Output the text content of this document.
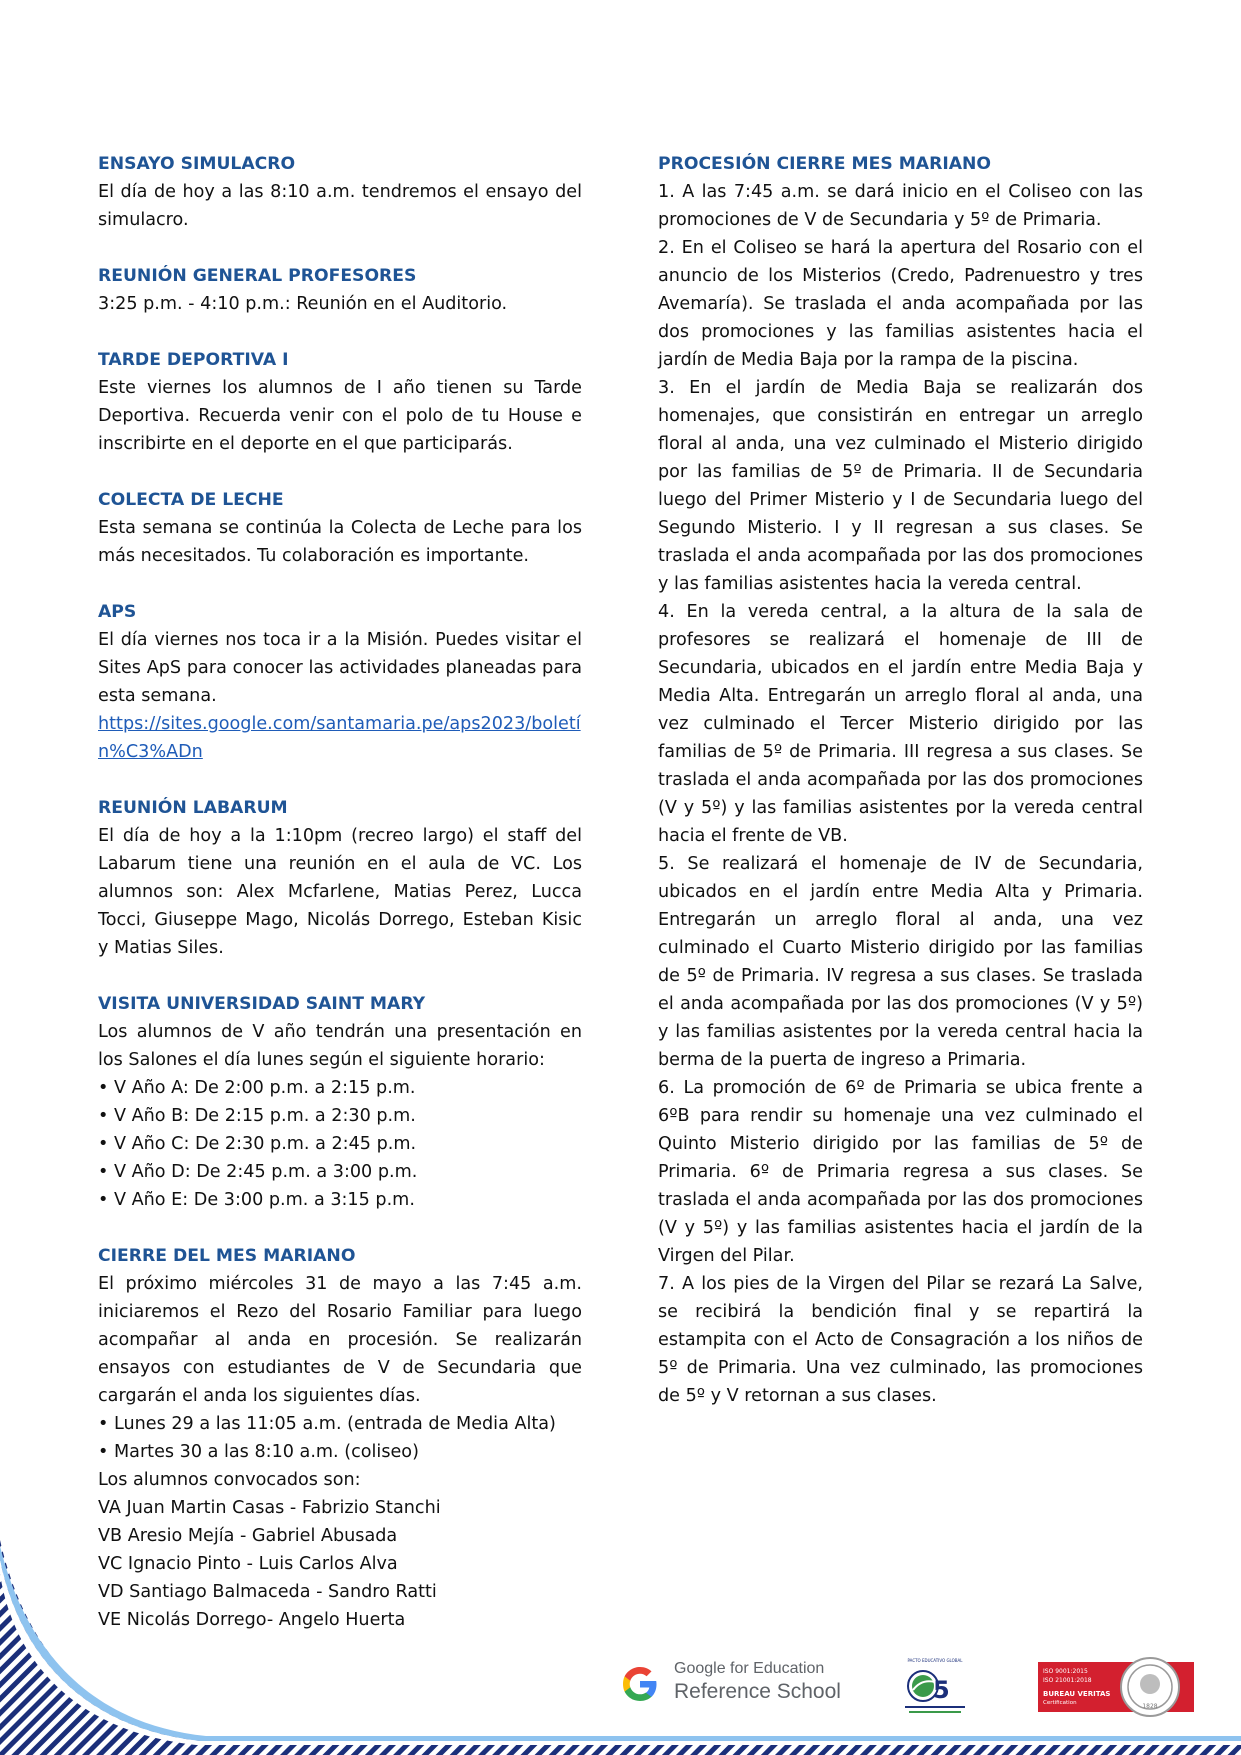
ENSAYO SIMULACRO

El día de hoy a las 8:10 a.m. tendremos el ensayo del simulacro.

REUNIÓN GENERAL PROFESORES

3:25 p.m. - 4:10 p.m.: Reunión en el Auditorio.

TARDE DEPORTIVA I

Este viernes los alumnos de I año tienen su Tarde Deportiva. Recuerda venir con el polo de tu House e inscribirte en el deporte en el que participarás.

COLECTA DE LECHE

Esta semana se continúa la Colecta de Leche para los más necesitados. Tu colaboración es importante.

APS

El día viernes nos toca ir a la Misión. Puedes visitar el Sites ApS para conocer las actividades planeadas para esta semana.

https://sites.google.com/santamaria.pe/aps2023/boletín%C3%ADn

REUNIÓN LABARUM

El día de hoy a la 1:10pm (recreo largo) el staff del Labarum tiene una reunión en el aula de VC. Los alumnos son: Alex Mcfarlene, Matias Perez, Lucca Tocci, Giuseppe Mago, Nicolás Dorrego, Esteban Kisic y Matias Siles.

VISITA UNIVERSIDAD SAINT MARY

Los alumnos de V año tendrán una presentación en los Salones el día lunes según el siguiente horario:

• V Año A: De 2:00 p.m. a 2:15 p.m.

• V Año B: De 2:15 p.m. a 2:30 p.m.

• V Año C: De 2:30 p.m. a 2:45 p.m.

• V Año D: De 2:45 p.m. a 3:00 p.m.

• V Año E: De 3:00 p.m. a 3:15 p.m.

CIERRE DEL MES MARIANO

El próximo miércoles 31 de mayo a las 7:45 a.m. iniciaremos el Rezo del Rosario Familiar para luego acompañar al anda en procesión. Se realizarán ensayos con estudiantes de V de Secundaria que cargarán el anda los siguientes días.

• Lunes 29 a las 11:05 a.m. (entrada de Media Alta)

• Martes 30 a las 8:10 a.m. (coliseo)

Los alumnos convocados son:

VA Juan Martin Casas - Fabrizio Stanchi

VB Aresio Mejía - Gabriel Abusada

VC Ignacio Pinto - Luis Carlos Alva

VD Santiago Balmaceda - Sandro Ratti

VE Nicolás Dorrego- Angelo Huerta

PROCESIÓN CIERRE MES MARIANO

1. A las 7:45 a.m. se dará inicio en el Coliseo con las promociones de V de Secundaria y 5º de Primaria.

2. En el Coliseo se hará la apertura del Rosario con el anuncio de los Misterios (Credo, Padrenuestro y tres Avemaría). Se traslada el anda acompañada por las dos promociones y las familias asistentes hacia el jardín de Media Baja por la rampa de la piscina.

3. En el jardín de Media Baja se realizarán dos homenajes, que consistirán en entregar un arreglo floral al anda, una vez culminado el Misterio dirigido por las familias de 5º de Primaria. II de Secundaria luego del Primer Misterio y I de Secundaria luego del Segundo Misterio. I y II regresan a sus clases. Se traslada el anda acompañada por las dos promociones y las familias asistentes hacia la vereda central.

4. En la vereda central, a la altura de la sala de profesores se realizará el homenaje de III de Secundaria, ubicados en el jardín entre Media Baja y Media Alta. Entregarán un arreglo floral al anda, una vez culminado el Tercer Misterio dirigido por las familias de 5º de Primaria. III regresa a sus clases. Se traslada el anda acompañada por las dos promociones (V y 5º) y las familias asistentes por la vereda central hacia el frente de VB.

5. Se realizará el homenaje de IV de Secundaria, ubicados en el jardín entre Media Alta y Primaria. Entregarán un arreglo floral al anda, una vez culminado el Cuarto Misterio dirigido por las familias de 5º de Primaria. IV regresa a sus clases. Se traslada el anda acompañada por las dos promociones (V y 5º) y las familias asistentes por la vereda central hacia la berma de la puerta de ingreso a Primaria.

6. La promoción de 6º de Primaria se ubica frente a 6ºB para rendir su homenaje una vez culminado el Quinto Misterio dirigido por las familias de 5º de Primaria. 6º de Primaria regresa a sus clases. Se traslada el anda acompañada por las dos promociones (V y 5º) y las familias asistentes hacia el jardín de la Virgen del Pilar.

7. A los pies de la Virgen del Pilar se rezará La Salve, se recibirá la bendición final y se repartirá la estampita con el Acto de Consagración a los niños de 5º de Primaria. Una vez culminado, las promociones de 5º y V retornan a sus clases.

Google for Education
Reference School
PACTO EDUCATIVO GLOBAL
5
ISO 9001:2015
ISO 21001:2018
BUREAU VERITAS
Certification	1828
